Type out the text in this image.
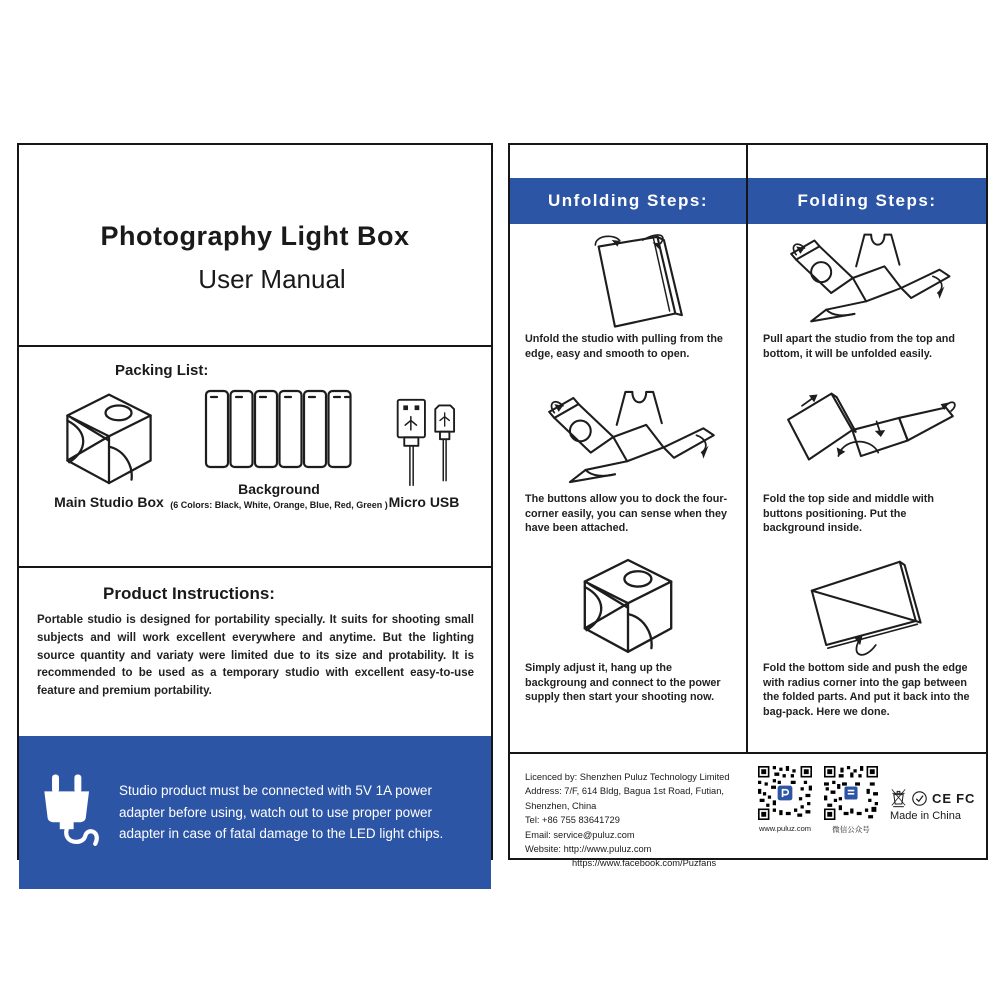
Photography Light Box
User Manual
Packing List:
Main Studio Box
Background
(6 Colors: Black, White, Orange, Blue, Red, Green ) Micro USB
Product Instructions:
Portable studio is designed for portability specially. It suits for shooting small subjects and will work excellent everywhere and anytime. But the lighting source quantity and variaty were limited due to its size and protability. It is recommended to be used as a temporary studio with excellent easy-to-use feature and premium portability.
Studio product must be connected with 5V 1A power adapter before using, watch out to use proper power adapter in case of fatal damage to the LED light chips.
Unfolding Steps:
Unfold the studio with pulling from the edge, easy and smooth to open.
The buttons allow you to dock the four-corner easily, you can sense when they have been attached.
Simply adjust it, hang up the backgroung and connect to the power supply then start your shooting now.
Folding Steps:
Pull apart the studio from the top and bottom, it will be unfolded easily.
Fold the top side and middle with buttons positioning. Put the background inside.
Fold the bottom side and push the edge with radius corner into the gap between the folded parts. And put it back into the bag-pack. Here we done.
Licenced by: Shenzhen Puluz Technology Limited
Address: 7/F, 614 Bldg, Bagua 1st Road, Futian, Shenzhen, China
Tel: +86 755 83641729
Email: service@puluz.com
Website: http://www.puluz.com
https://www.facebook.com/Puzfans
www.puluz.com	微信公众号
CE FC
Made in China
